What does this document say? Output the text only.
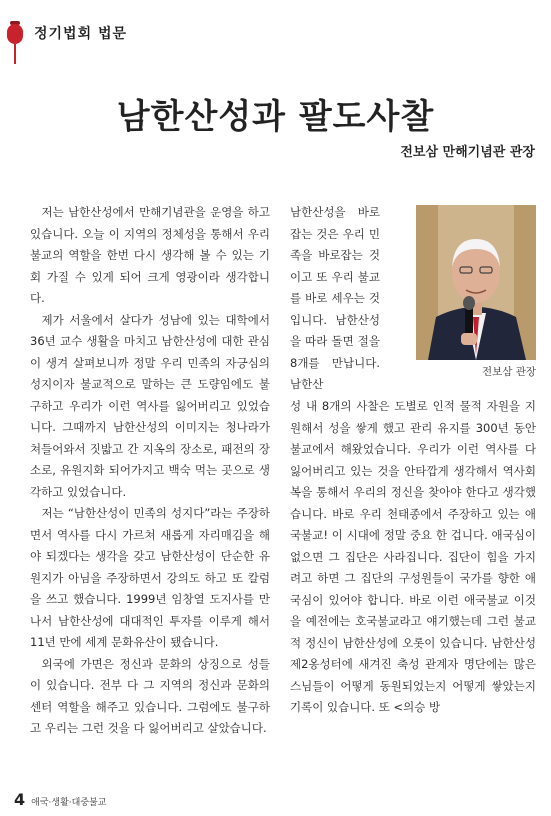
정기법회 법문
남한산성과 팔도사찰
전보삼 만해기념관 관장

저는 남한산성에서 만해기념관을 운영을 하고 있습니다. 오늘 이 지역의 정체성을 통해서 우리 불교의 역할을 한번 다시 생각해 볼 수 있는 기회 가질 수 있게 되어 크게 영광이라 생각합니다.

제가 서울에서 살다가 성남에 있는 대학에서 36년 교수 생활을 마치고 남한산성에 대한 관심이 생겨 살펴보니까 정말 우리 민족의 자긍심의 성지이자 불교적으로 말하는 큰 도량임에도 불구하고 우리가 이런 역사를 잃어버리고 있었습니다. 그때까지 남한산성의 이미지는 청나라가 쳐들어와서 짓밟고 간 지옥의 장소로, 패전의 장소로, 유원지화 되어가지고 백숙 먹는 곳으로 생각하고 있었습니다.

저는 “남한산성이 민족의 성지다”라는 주장하면서 역사를 다시 가르쳐 새롭게 자리매김을 해야 되겠다는 생각을 갖고 남한산성이 단순한 유원지가 아님을 주장하면서 강의도 하고 또 칼럼을 쓰고 했습니다. 1999년 임창열 도지사를 만나서 남한산성에 대대적인 투자를 이루게 해서 11년 만에 세계 문화유산이 됐습니다.

외국에 가면은 정신과 문화의 상징으로 성들이 있습니다. 전부 다 그 지역의 정신과 문화의 센터 역할을 해주고 있습니다. 그럼에도 불구하고 우리는 그런 것을 다 잃어버리고 살았습니다.

남한산성을 바로 잡는 것은 우리 민족을 바로잡는 것이고 또 우리 불교를 바로 세우는 것입니다. 남한산성을 따라 돌면 절을 8개를 만납니다. 남한산

전보삼 관장

성 내 8개의 사찰은 도별로 인적 물적 자원을 지원해서 성을 쌓게 했고 관리 유지를 300년 동안 불교에서 해왔었습니다. 우리가 이런 역사를 다 잃어버리고 있는 것을 안타깝게 생각해서 역사회복을 통해서 우리의 정신을 찾아야 한다고 생각했습니다. 바로 우리 천태종에서 주장하고 있는 애국불교! 이 시대에 정말 중요 한 겁니다. 애국심이 없으면 그 집단은 사라집니다. 집단이 힘을 가지려고 하면 그 집단의 구성원들이 국가를 향한 애국심이 있어야 합니다. 바로 이런 애국불교 이것을 예전에는 호국불교라고 얘기했는데 그런 불교적 정신이 남한산성에 오롯이 있습니다. 남한산성 제2옹성터에 새겨진 축성 관계자 명단에는 많은 스님들이 어떻게 동원되었는지 어떻게 쌓았는지 기록이 있습니다. 또 <의승 방

4 애국·생활·대중불교
